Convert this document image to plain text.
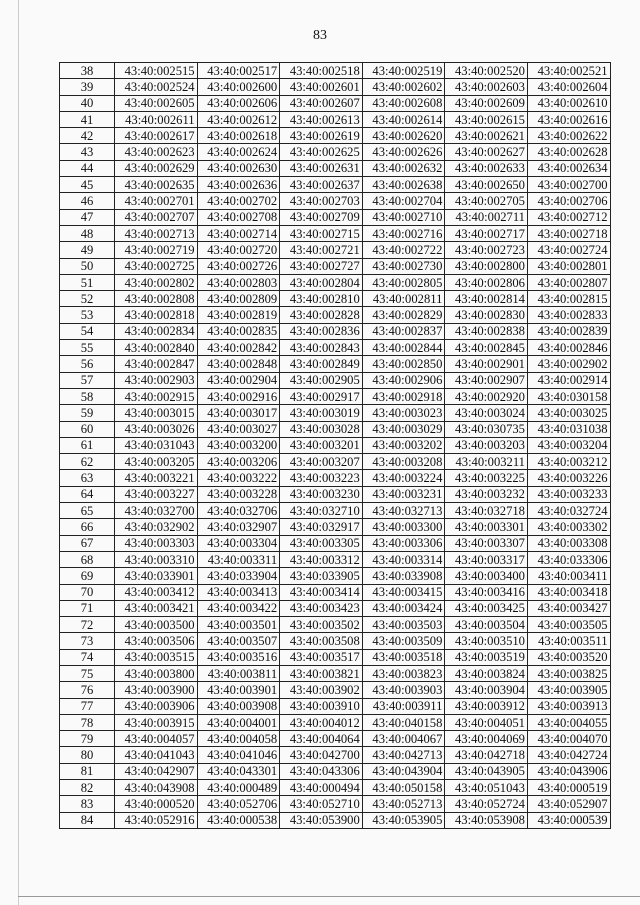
83
38	43:40:002515	43:40:002517	43:40:002518	43:40:002519	43:40:002520	43:40:002521
39	43:40:002524	43:40:002600	43:40:002601	43:40:002602	43:40:002603	43:40:002604
40	43:40:002605	43:40:002606	43:40:002607	43:40:002608	43:40:002609	43:40:002610
41	43:40:002611	43:40:002612	43:40:002613	43:40:002614	43:40:002615	43:40:002616
42	43:40:002617	43:40:002618	43:40:002619	43:40:002620	43:40:002621	43:40:002622
43	43:40:002623	43:40:002624	43:40:002625	43:40:002626	43:40:002627	43:40:002628
44	43:40:002629	43:40:002630	43:40:002631	43:40:002632	43:40:002633	43:40:002634
45	43:40:002635	43:40:002636	43:40:002637	43:40:002638	43:40:002650	43:40:002700
46	43:40:002701	43:40:002702	43:40:002703	43:40:002704	43:40:002705	43:40:002706
47	43:40:002707	43:40:002708	43:40:002709	43:40:002710	43:40:002711	43:40:002712
48	43:40:002713	43:40:002714	43:40:002715	43:40:002716	43:40:002717	43:40:002718
49	43:40:002719	43:40:002720	43:40:002721	43:40:002722	43:40:002723	43:40:002724
50	43:40:002725	43:40:002726	43:40:002727	43:40:002730	43:40:002800	43:40:002801
51	43:40:002802	43:40:002803	43:40:002804	43:40:002805	43:40:002806	43:40:002807
52	43:40:002808	43:40:002809	43:40:002810	43:40:002811	43:40:002814	43:40:002815
53	43:40:002818	43:40:002819	43:40:002828	43:40:002829	43:40:002830	43:40:002833
54	43:40:002834	43:40:002835	43:40:002836	43:40:002837	43:40:002838	43:40:002839
55	43:40:002840	43:40:002842	43:40:002843	43:40:002844	43:40:002845	43:40:002846
56	43:40:002847	43:40:002848	43:40:002849	43:40:002850	43:40:002901	43:40:002902
57	43:40:002903	43:40:002904	43:40:002905	43:40:002906	43:40:002907	43:40:002914
58	43:40:002915	43:40:002916	43:40:002917	43:40:002918	43:40:002920	43:40:030158
59	43:40:003015	43:40:003017	43:40:003019	43:40:003023	43:40:003024	43:40:003025
60	43:40:003026	43:40:003027	43:40:003028	43:40:003029	43:40:030735	43:40:031038
61	43:40:031043	43:40:003200	43:40:003201	43:40:003202	43:40:003203	43:40:003204
62	43:40:003205	43:40:003206	43:40:003207	43:40:003208	43:40:003211	43:40:003212
63	43:40:003221	43:40:003222	43:40:003223	43:40:003224	43:40:003225	43:40:003226
64	43:40:003227	43:40:003228	43:40:003230	43:40:003231	43:40:003232	43:40:003233
65	43:40:032700	43:40:032706	43:40:032710	43:40:032713	43:40:032718	43:40:032724
66	43:40:032902	43:40:032907	43:40:032917	43:40:003300	43:40:003301	43:40:003302
67	43:40:003303	43:40:003304	43:40:003305	43:40:003306	43:40:003307	43:40:003308
68	43:40:003310	43:40:003311	43:40:003312	43:40:003314	43:40:003317	43:40:033306
69	43:40:033901	43:40:033904	43:40:033905	43:40:033908	43:40:003400	43:40:003411
70	43:40:003412	43:40:003413	43:40:003414	43:40:003415	43:40:003416	43:40:003418
71	43:40:003421	43:40:003422	43:40:003423	43:40:003424	43:40:003425	43:40:003427
72	43:40:003500	43:40:003501	43:40:003502	43:40:003503	43:40:003504	43:40:003505
73	43:40:003506	43:40:003507	43:40:003508	43:40:003509	43:40:003510	43:40:003511
74	43:40:003515	43:40:003516	43:40:003517	43:40:003518	43:40:003519	43:40:003520
75	43:40:003800	43:40:003811	43:40:003821	43:40:003823	43:40:003824	43:40:003825
76	43:40:003900	43:40:003901	43:40:003902	43:40:003903	43:40:003904	43:40:003905
77	43:40:003906	43:40:003908	43:40:003910	43:40:003911	43:40:003912	43:40:003913
78	43:40:003915	43:40:004001	43:40:004012	43:40:040158	43:40:004051	43:40:004055
79	43:40:004057	43:40:004058	43:40:004064	43:40:004067	43:40:004069	43:40:004070
80	43:40:041043	43:40:041046	43:40:042700	43:40:042713	43:40:042718	43:40:042724
81	43:40:042907	43:40:043301	43:40:043306	43:40:043904	43:40:043905	43:40:043906
82	43:40:043908	43:40:000489	43:40:000494	43:40:050158	43:40:051043	43:40:000519
83	43:40:000520	43:40:052706	43:40:052710	43:40:052713	43:40:052724	43:40:052907
84	43:40:052916	43:40:000538	43:40:053900	43:40:053905	43:40:053908	43:40:000539
